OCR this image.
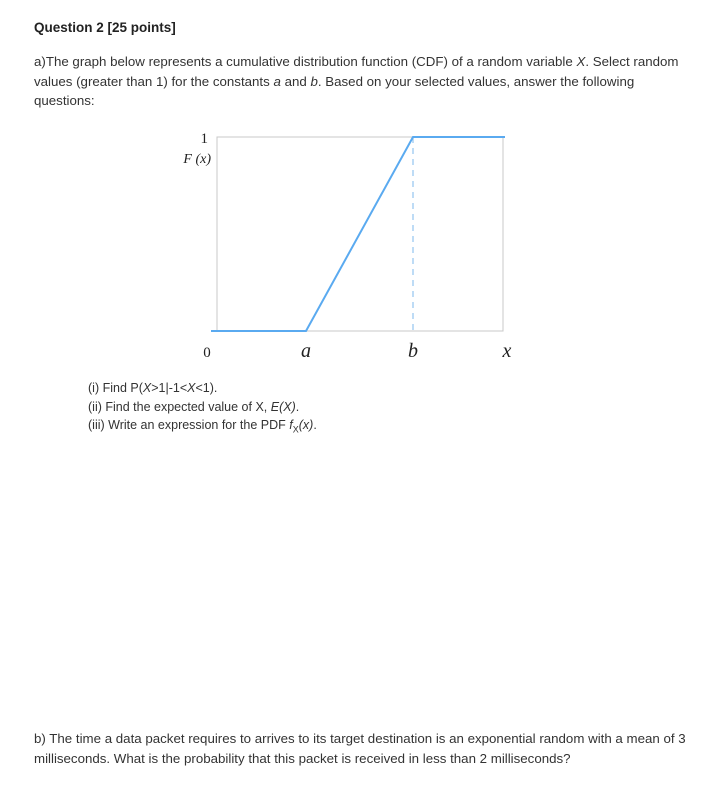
Question 2 [25 points]

a)The graph below represents a cumulative distribution function (CDF) of a random variable X. Select random values (greater than 1) for the constants a and b. Based on your selected values, answer the following questions:

1
F (x)
0	a	b	x
(i) Find P(X>1|-1<X<1).
(ii) Find the expected value of X, E(X).
(iii) Write an expression for the PDF $f_X(x)$.

b) The time a data packet requires to arrives to its target destination is an exponential random with a mean of 3 milliseconds. What is the probability that this packet is received in less than 2 milliseconds?
